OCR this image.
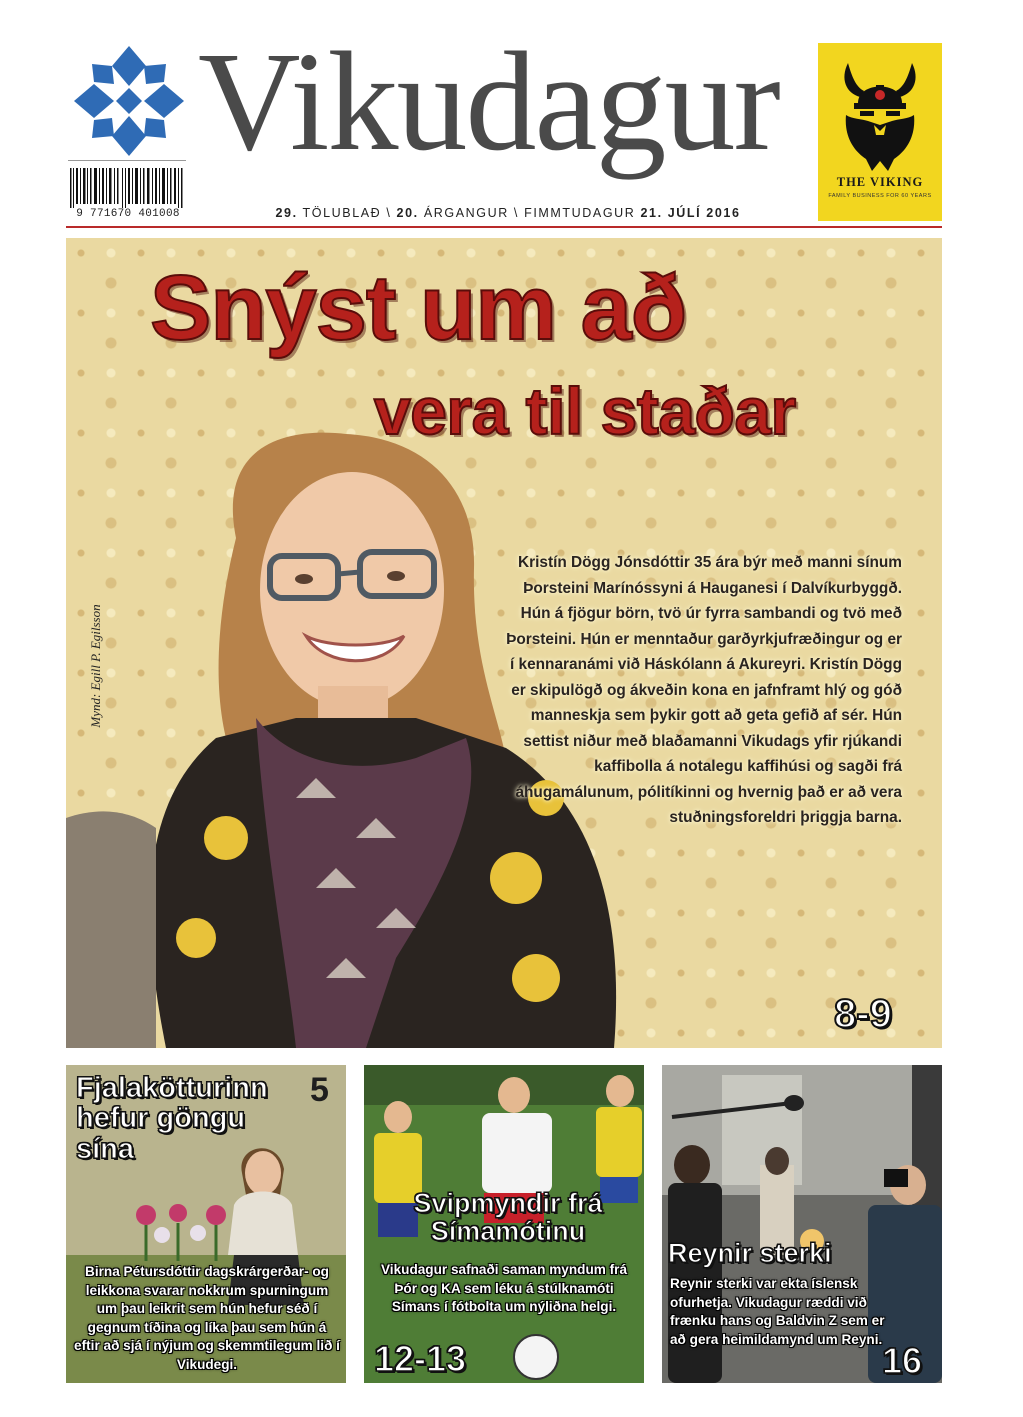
Vikudagur
9 771670 401008	29. TÖLUBLAÐ \ 20. ÁRGANGUR \ FIMMTUDAGUR 21. JÚLÍ 2016
THE VIKING
FAMILY BUSINESS FOR 60 YEARS
Snýst um að
vera til staðar
Kristín Dögg Jónsdóttir 35 ára býr með manni sínum Þorsteini Marínóssyni á Hauganesi í Dalvíkurbyggð. Hún á fjögur börn, tvö úr fyrra sambandi og tvö með Þorsteini. Hún er menntaður garðyrkjufræðingur og er í kennaranámi við Háskólann á Akureyri. Kristín Dögg er skipulögð og ákveðin kona en jafnframt hlý og góð manneskja sem þykir gott að geta gefið af sér. Hún settist niður með blaðamanni Vikudags yfir rjúkandi kaffibolla á notalegu kaffihúsi og sagði frá áhugamálunum, pólitíkinni og hvernig það er að vera stuðningsforeldri þriggja barna.
Mynd: Egill P. Egilsson
8-9
Fjalakötturinn hefur göngu sína
5
Birna Pétursdóttir dagskrárgerðar- og leikkona svarar nokkrum spurningum um þau leikrit sem hún hefur séð í gegnum tíðina og líka þau sem hún á eftir að sjá í nýjum og skemmtilegum lið í Vikudegi.
Svipmyndir frá Símamótinu
Vikudagur safnaði saman myndum frá Þór og KA sem léku á stúlknamóti Símans í fótbolta um nýliðna helgi.
12-13
Reynir sterki
Reynir sterki var ekta íslensk ofurhetja. Vikudagur ræddi við frænku hans og Baldvin Z sem er að gera heimildamynd um Reyni.
16
